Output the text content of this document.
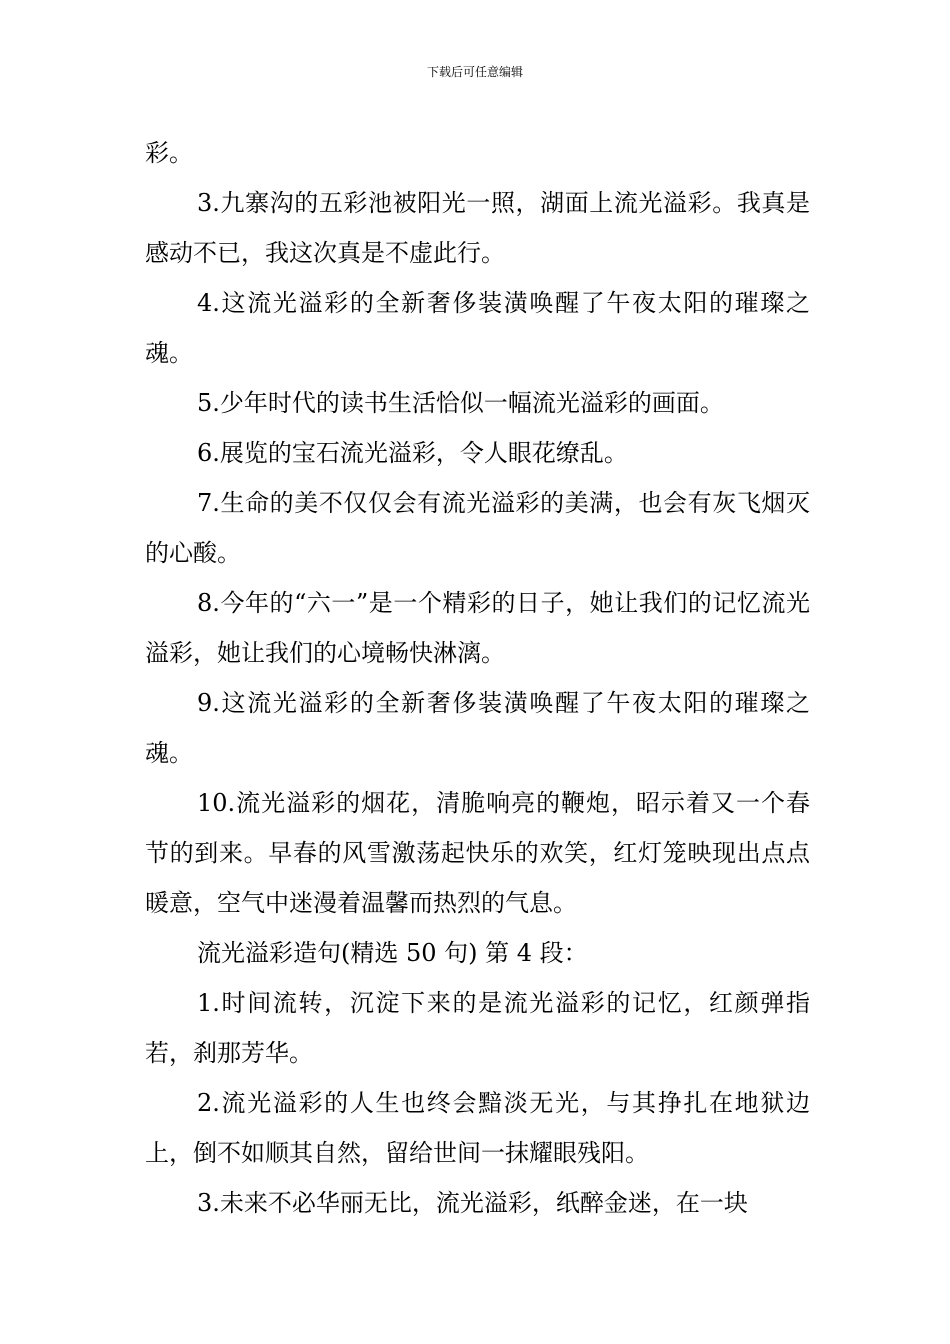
下载后可任意编辑

彩。

3.九寨沟的五彩池被阳光一照，湖面上流光溢彩。我真是感动不已，我这次真是不虚此行。

4.这流光溢彩的全新奢侈装潢唤醒了午夜太阳的璀璨之魂。

5.少年时代的读书生活恰似一幅流光溢彩的画面。

6.展览的宝石流光溢彩，令人眼花缭乱。

7.生命的美不仅仅会有流光溢彩的美满，也会有灰飞烟灭的心酸。

8.今年的“六一”是一个精彩的日子，她让我们的记忆流光溢彩，她让我们的心境畅快淋漓。

9.这流光溢彩的全新奢侈装潢唤醒了午夜太阳的璀璨之魂。

10.流光溢彩的烟花，清脆响亮的鞭炮，昭示着又一个春节的到来。早春的风雪激荡起快乐的欢笑，红灯笼映现出点点暖意，空气中迷漫着温馨而热烈的气息。

流光溢彩造句(精选 50 句) 第 4 段：

1.时间流转，沉淀下来的是流光溢彩的记忆，红颜弹指若，刹那芳华。

2.流光溢彩的人生也终会黯淡无光，与其挣扎在地狱边上，倒不如顺其自然，留给世间一抹耀眼残阳。

3.未来不必华丽无比，流光溢彩，纸醉金迷，在一块
